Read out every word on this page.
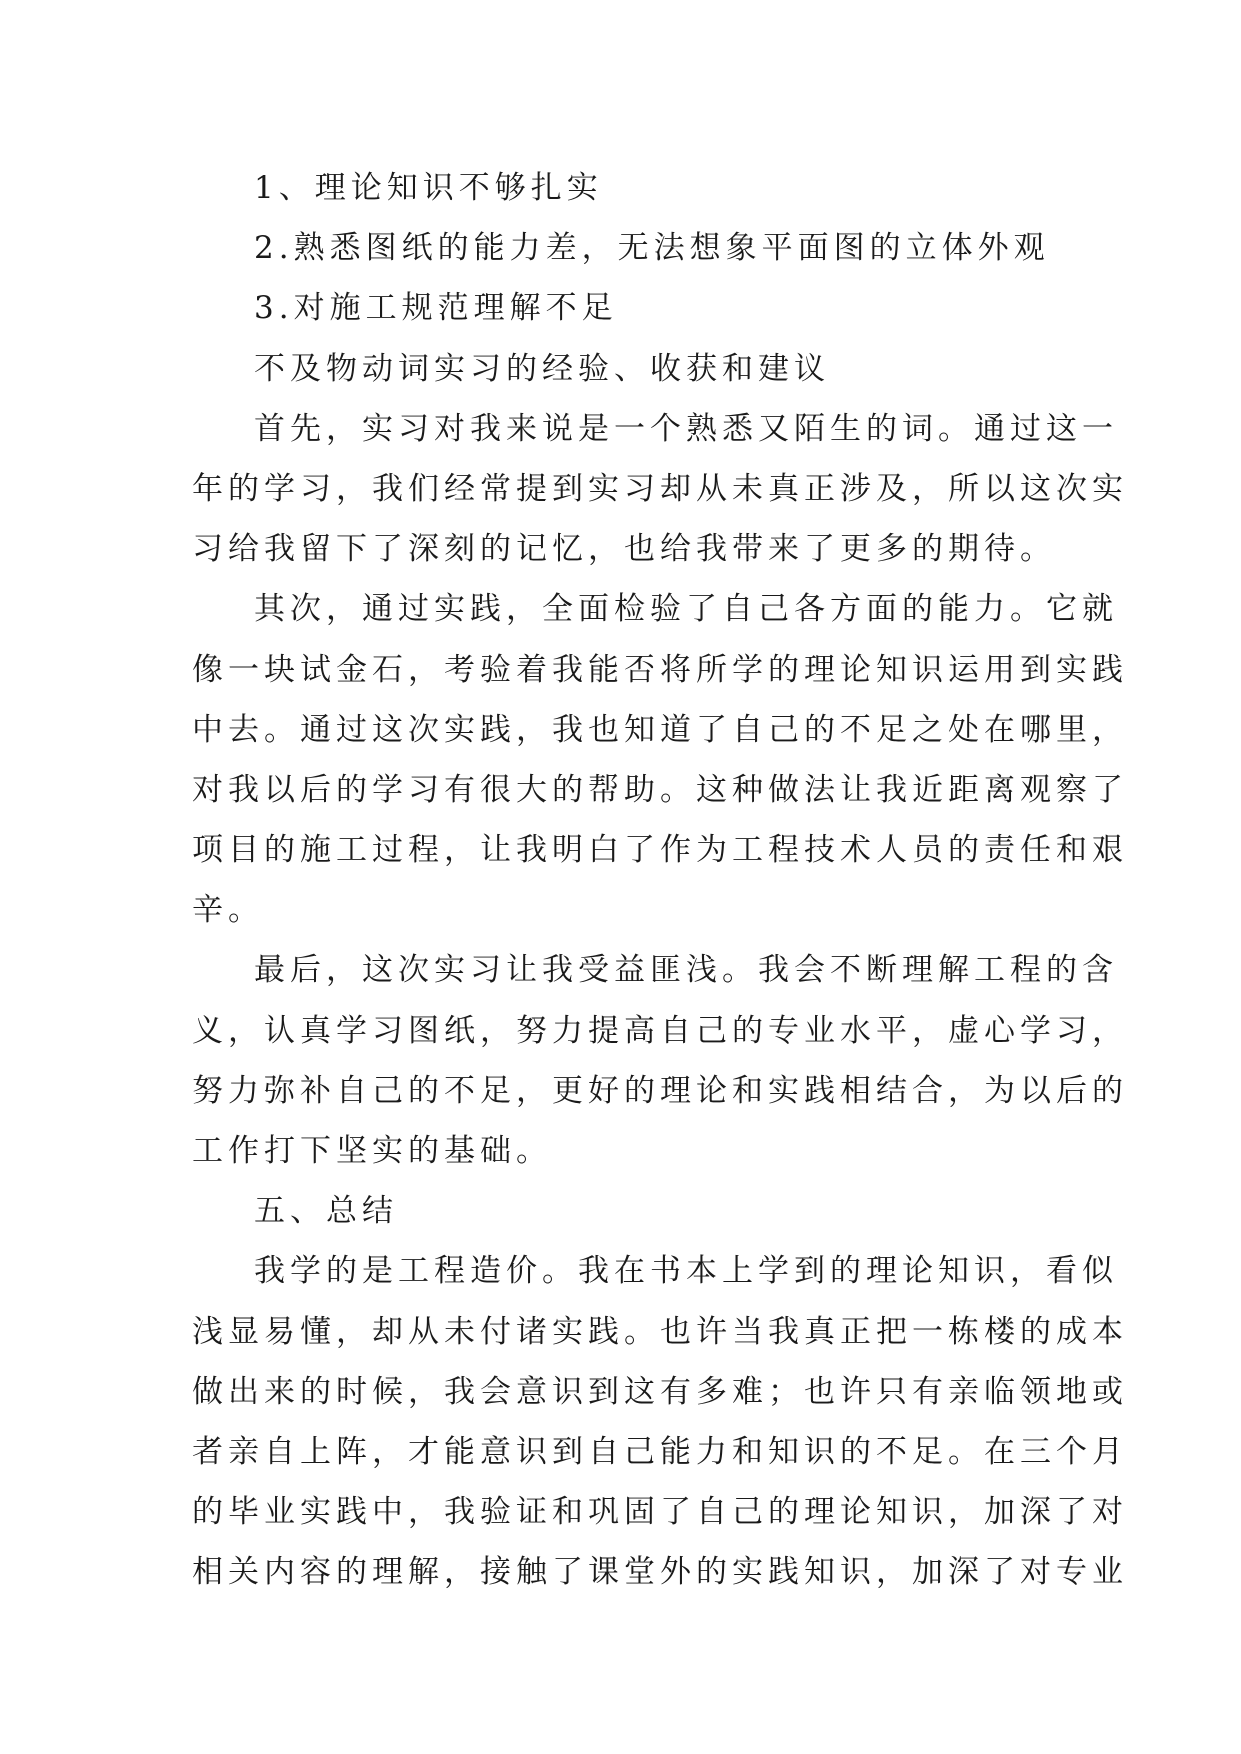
1、理论知识不够扎实
2.熟悉图纸的能力差，无法想象平面图的立体外观
3.对施工规范理解不足
不及物动词实习的经验、收获和建议
首先，实习对我来说是一个熟悉又陌生的词。通过这一
年的学习，我们经常提到实习却从未真正涉及，所以这次实
习给我留下了深刻的记忆，也给我带来了更多的期待。
其次，通过实践，全面检验了自己各方面的能力。它就
像一块试金石，考验着我能否将所学的理论知识运用到实践
中去。通过这次实践，我也知道了自己的不足之处在哪里，
对我以后的学习有很大的帮助。这种做法让我近距离观察了
项目的施工过程，让我明白了作为工程技术人员的责任和艰
辛。
最后，这次实习让我受益匪浅。我会不断理解工程的含
义，认真学习图纸，努力提高自己的专业水平，虚心学习，
努力弥补自己的不足，更好的理论和实践相结合，为以后的
工作打下坚实的基础。
五、总结
我学的是工程造价。我在书本上学到的理论知识，看似
浅显易懂，却从未付诸实践。也许当我真正把一栋楼的成本
做出来的时候，我会意识到这有多难；也许只有亲临领地或
者亲自上阵，才能意识到自己能力和知识的不足。在三个月
的毕业实践中，我验证和巩固了自己的理论知识，加深了对
相关内容的理解，接触了课堂外的实践知识，加深了对专业
